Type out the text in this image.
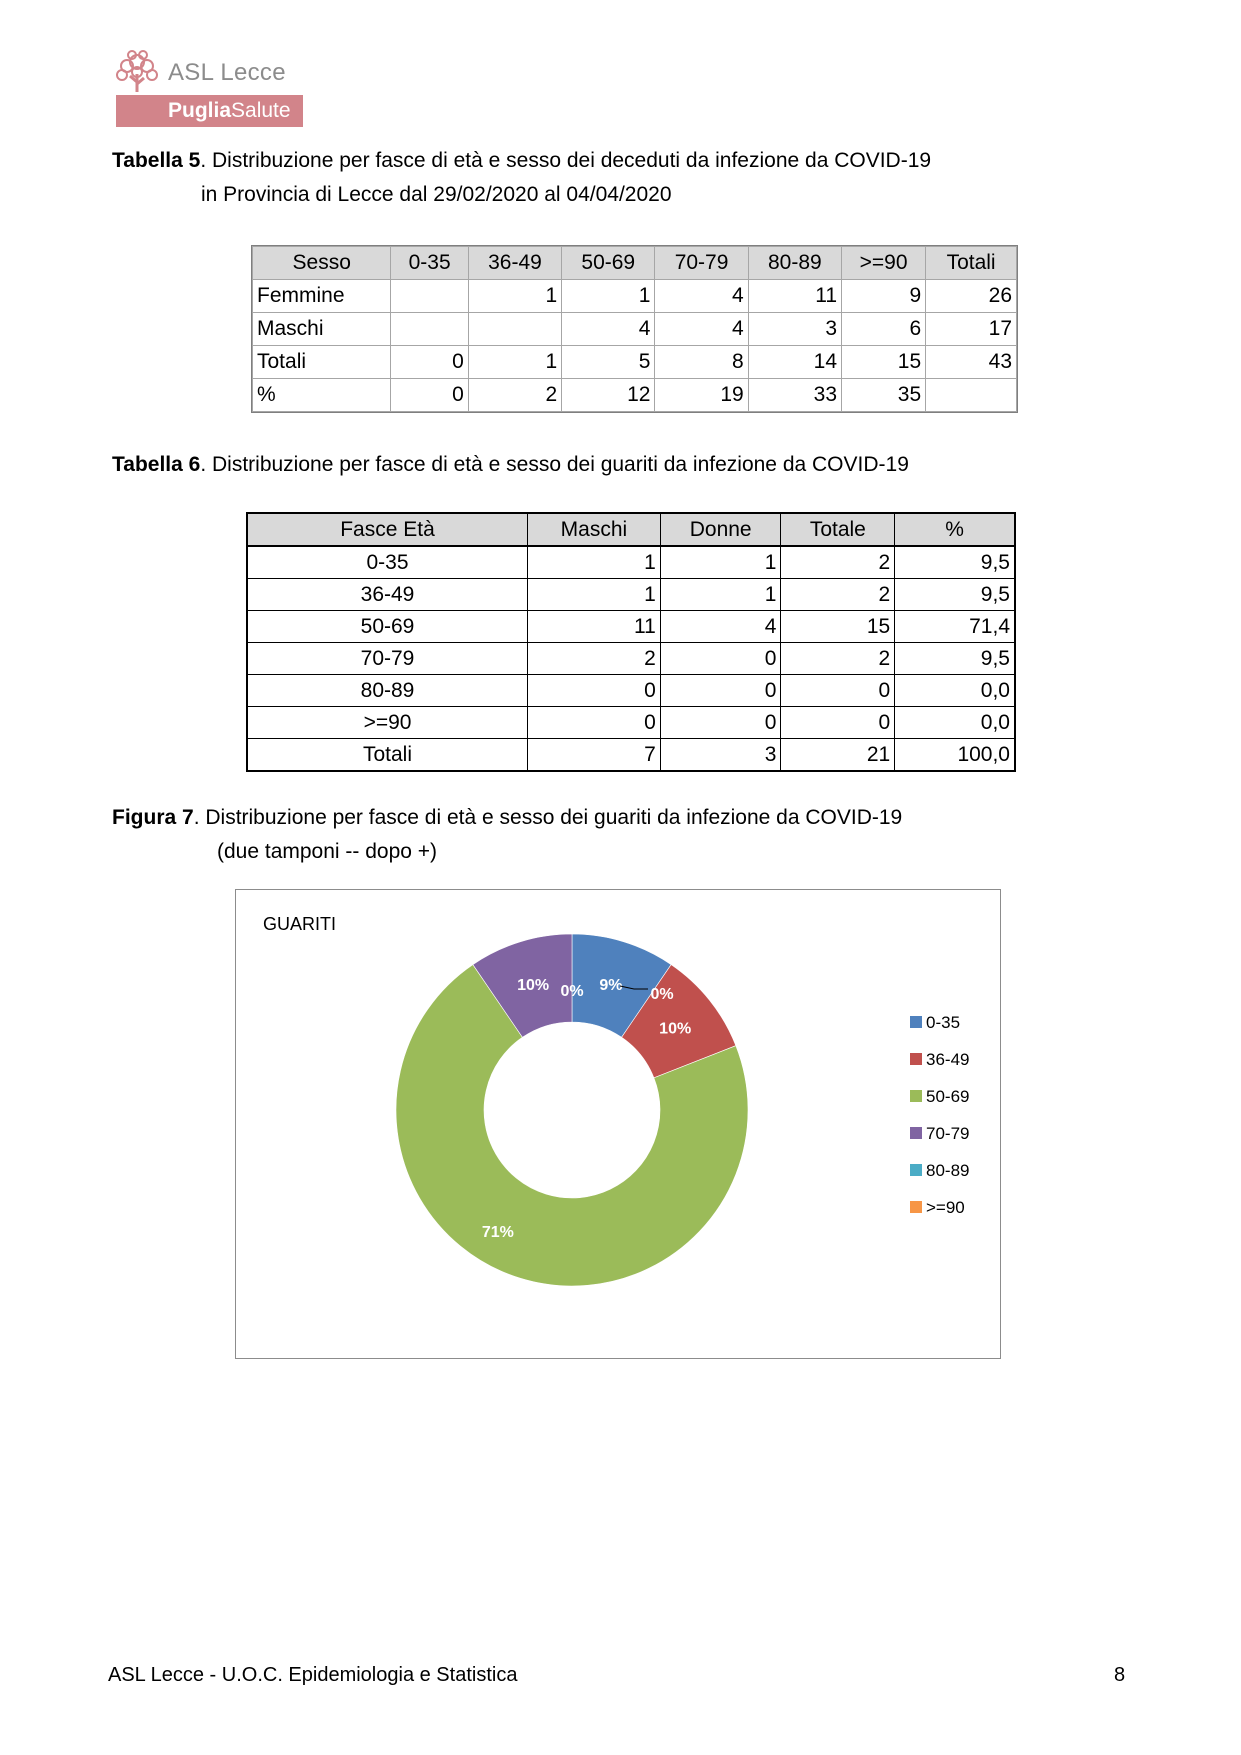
ASL Lecce
PugliaSalute
Tabella 5. Distribuzione per fasce di età e sesso dei deceduti da infezione da COVID-19
in Provincia di Lecce dal 29/02/2020 al 04/04/2020
Sesso	0-35	36-49	50-69	70-79	80-89	>=90	Totali
Femmine		1	1	4	11	9	26
Maschi			4	4	3	6	17
Totali	0	1	5	8	14	15	43
%	0	2	12	19	33	35	
Tabella 6. Distribuzione per fasce di età e sesso dei guariti da infezione da COVID-19
Fasce Età	Maschi	Donne	Totale	%
0-35	1	1	2	9,5
36-49	1	1	2	9,5
50-69	11	4	15	71,4
70-79	2	0	2	9,5
80-89	0	0	0	0,0
>=90	0	0	0	0,0
Totali	7	3	21	100,0
Figura 7. Distribuzione per fasce di età e sesso dei guariti da infezione da COVID-19
(due tamponi -- dopo +)
GUARITI
9%
10%
71%
10%
0%
0%
0-35
36-49
50-69
70-79
80-89
>=90
ASL Lecce - U.O.C. Epidemiologia e Statistica	8
